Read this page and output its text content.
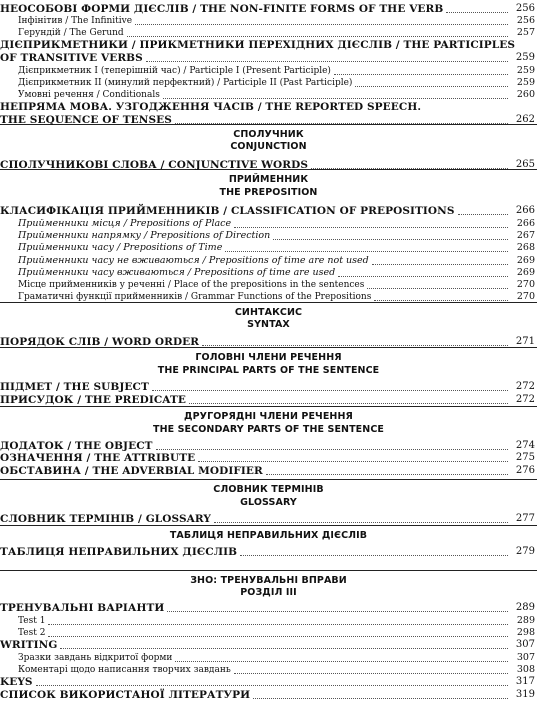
СПОЛУЧНИК
CONJUNCTION
ПРИЙМЕННИК
THE PREPOSITION
СИНТАКСИС
SYNTAX
ГОЛОВНІ ЧЛЕНИ РЕЧЕННЯ
THE PRINCIPAL PARTS OF THE SENTENCE
ДРУГОРЯДНІ ЧЛЕНИ РЕЧЕННЯ
THE SECONDARY PARTS OF THE SENTENCE
СЛОВНИК ТЕРМІНІВ
GLOSSARY
ТАБЛИЦЯ НЕПРАВИЛЬНИХ ДІЄСЛІВ
ЗНО: ТРЕНУВАЛЬНІ ВПРАВИ
РОЗДІЛ III
НЕОСОБОВІ ФОРМИ ДІЄСЛІВ / THE NON-FINITE FORMS OF THE VERB	256
Інфінітив / The Infinitive	256
Герундій / The Gerund	257
ДІЄПРИКМЕТНИКИ / ПРИКМЕТНИКИ ПЕРЕХІДНИХ ДІЄСЛІВ / THE PARTICIPLES
OF TRANSITIVE VERBS	259
Дієприкметник I (теперішній час) / Participle I (Present Participle)	259
Дієприкметник II (минулий перфектний) / Participle II (Past Participle)	259
Умовні речення / Conditionals	260
НЕПРЯМА МОВА. УЗГОДЖЕННЯ ЧАСІВ / THE REPORTED SPEECH.
THE SEQUENCE OF TENSES	262
СПОЛУЧНИКОВІ СЛОВА / CONJUNCTIVE WORDS	265
КЛАСИФІКАЦІЯ ПРИЙМЕННИКІВ / CLASSIFICATION OF PREPOSITIONS	266
Прийменники місця / Prepositions of Place	266
Прийменники напрямку / Prepositions of Direction	267
Прийменники часу / Prepositions of Time	268
Прийменники часу не вживаються / Prepositions of time are not used	269
Прийменники часу вживаються / Prepositions of time are used	269
Місце прийменників у реченні / Place of the prepositions in the sentences	270
Граматичні функції прийменників / Grammar Functions of the Prepositions	270
ПОРЯДОК СЛІВ / WORD ORDER	271
ПІДМЕТ / THE SUBJECT	272
ПРИСУДОК / THE PREDICATE	272
ДОДАТОК / THE OBJECT	274
ОЗНАЧЕННЯ / THE ATTRIBUTE	275
ОБСТАВИНА / THE ADVERBIAL MODIFIER	276
СЛОВНИК ТЕРМІНІВ / GLOSSARY	277
ТАБЛИЦЯ НЕПРАВИЛЬНИХ ДІЄСЛІВ	279
ТРЕНУВАЛЬНІ ВАРІАНТИ	289
Test 1	289
Test 2	298
WRITING	307
Зразки завдань відкритої форми	307
Коментарі щодо написання творчих завдань	308
KEYS	317
СПИСОК ВИКОРИСТАНОЇ ЛІТЕРАТУРИ	319
